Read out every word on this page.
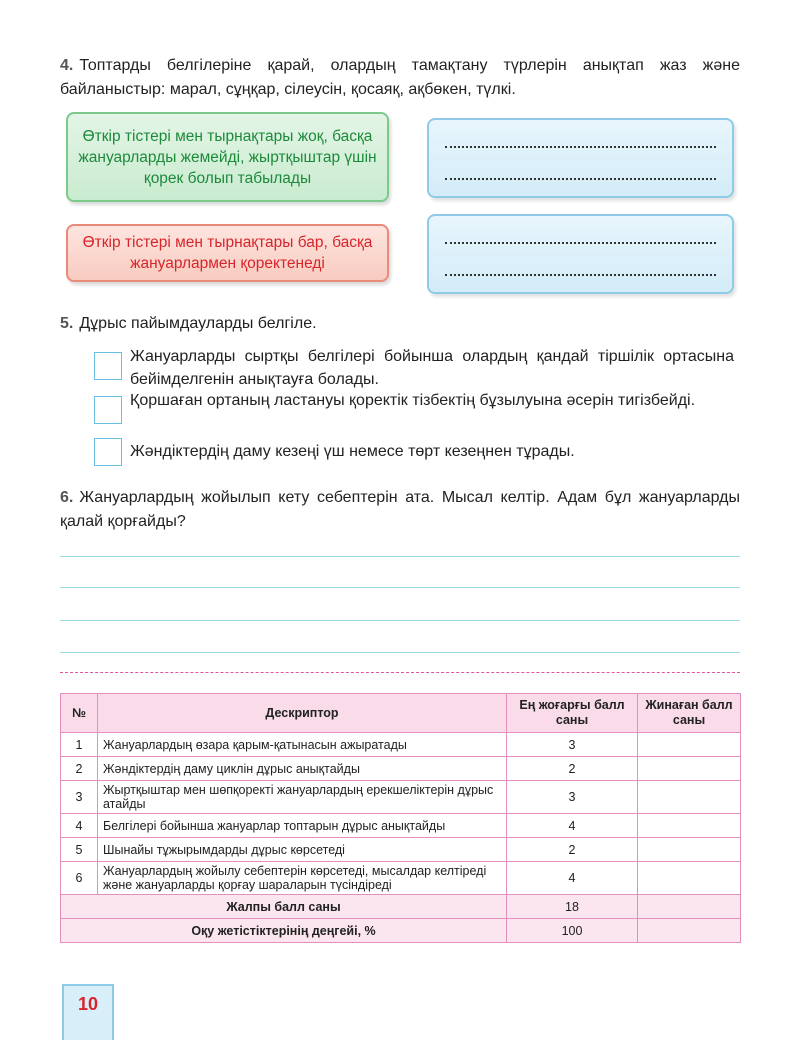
4. Топтарды белгілеріне қарай, олардың тамақтану түрлерін анықтап жаз және байланыстыр: марал, сұңқар, сілеусін, қосаяқ, ақбөкен, түлкі.
Өткір тістері мен тырнақтары жоқ, басқа жануарларды жемейді, жыртқыштар үшін қорек болып табылады
Өткір тістері мен тырнақтары бар, басқа жануарлармен қоректенеді
5. Дұрыс пайымдауларды белгіле.
Жануарларды сыртқы белгілері бойынша олардың қандай тіршілік ортасына бейімделгенін анықтауға болады.
Қоршаған ортаның ластануы қоректік тізбектің бұзылуына әсерін тигізбейді.
Жәндіктердің даму кезеңі үш немесе төрт кезеңнен тұрады.
6. Жануарлардың жойылып кету себептерін ата. Мысал келтір. Адам бұл жануарларды қалай қорғайды?
№	Дескриптор	Ең жоғарғы балл саны	Жинаған балл саны
1	Жануарлардың өзара қарым-қатынасын ажыратады	3	
2	Жәндіктердің даму циклін дұрыс анықтайды	2	
3	Жыртқыштар мен шөпқоректі жануарлардың ерекшеліктерін дұрыс атайды	3	
4	Белгілері бойынша жануарлар топтарын дұрыс анықтайды	4	
5	Шынайы тұжырымдарды дұрыс көрсетеді	2	
6	Жануарлардың жойылу себептерін көрсетеді, мысалдар келтіреді және жануарларды қорғау шараларын түсіндіреді	4	
Жалпы балл саны		18	
Оқу жетістіктерінің деңгейі, %		100	
10
